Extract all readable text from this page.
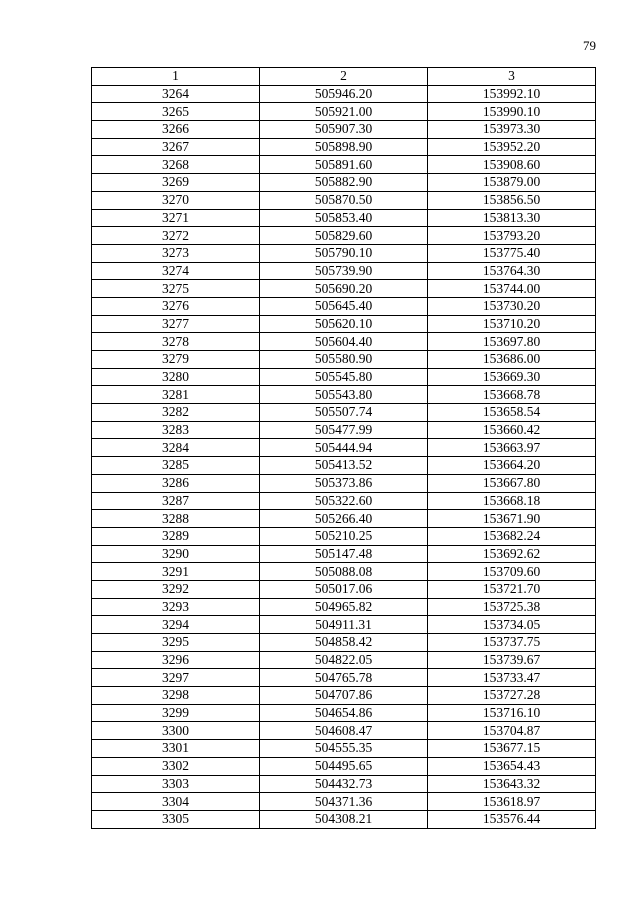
79
1	2	3
3264	505946.20	153992.10
3265	505921.00	153990.10
3266	505907.30	153973.30
3267	505898.90	153952.20
3268	505891.60	153908.60
3269	505882.90	153879.00
3270	505870.50	153856.50
3271	505853.40	153813.30
3272	505829.60	153793.20
3273	505790.10	153775.40
3274	505739.90	153764.30
3275	505690.20	153744.00
3276	505645.40	153730.20
3277	505620.10	153710.20
3278	505604.40	153697.80
3279	505580.90	153686.00
3280	505545.80	153669.30
3281	505543.80	153668.78
3282	505507.74	153658.54
3283	505477.99	153660.42
3284	505444.94	153663.97
3285	505413.52	153664.20
3286	505373.86	153667.80
3287	505322.60	153668.18
3288	505266.40	153671.90
3289	505210.25	153682.24
3290	505147.48	153692.62
3291	505088.08	153709.60
3292	505017.06	153721.70
3293	504965.82	153725.38
3294	504911.31	153734.05
3295	504858.42	153737.75
3296	504822.05	153739.67
3297	504765.78	153733.47
3298	504707.86	153727.28
3299	504654.86	153716.10
3300	504608.47	153704.87
3301	504555.35	153677.15
3302	504495.65	153654.43
3303	504432.73	153643.32
3304	504371.36	153618.97
3305	504308.21	153576.44
